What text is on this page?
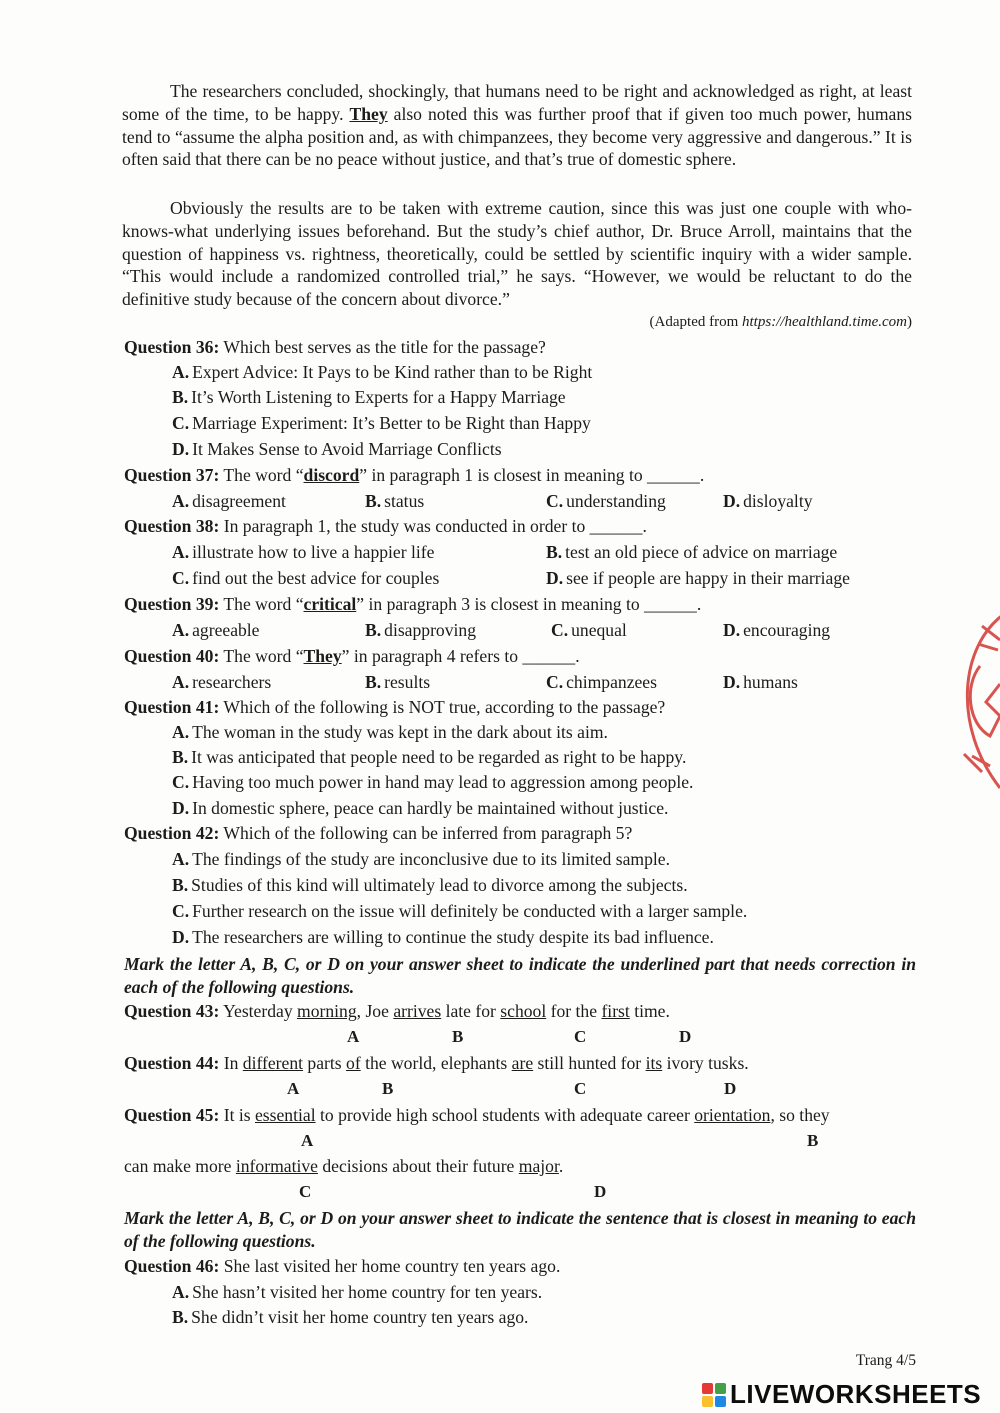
The researchers concluded, shockingly, that humans need to be right and acknowledged as right, at least some of the time, to be happy. They also noted this was further proof that if given too much power, humans tend to “assume the alpha position and, as with chimpanzees, they become very aggressive and dangerous.” It is often said that there can be no peace without justice, and that’s true of domestic sphere.

Obviously the results are to be taken with extreme caution, since this was just one couple with who-knows-what underlying issues beforehand. But the study’s chief author, Dr. Bruce Arroll, maintains that the question of happiness vs. rightness, theoretically, could be settled by scientific inquiry with a wider sample. “This would include a randomized controlled trial,” he says. “However, we would be reluctant to do the definitive study because of the concern about divorce.”

(Adapted from https://healthland.time.com)
Question 36: Which best serves as the title for the passage?
A. Expert Advice: It Pays to be Kind rather than to be Right
B. It’s Worth Listening to Experts for a Happy Marriage
C. Marriage Experiment: It’s Better to be Right than Happy
D. It Makes Sense to Avoid Marriage Conflicts
Question 37: The word “discord” in paragraph 1 is closest in meaning to ______.
A. disagreement	B. status	C. understanding	D. disloyalty
Question 38: In paragraph 1, the study was conducted in order to ______.
A. illustrate how to live a happier life	B. test an old piece of advice on marriage
C. find out the best advice for couples	D. see if people are happy in their marriage
Question 39: The word “critical” in paragraph 3 is closest in meaning to ______.
A. agreeable	B. disapproving	C. unequal	D. encouraging
Question 40: The word “They” in paragraph 4 refers to ______.
A. researchers	B. results	C. chimpanzees	D. humans
Question 41: Which of the following is NOT true, according to the passage?
A. The woman in the study was kept in the dark about its aim.
B. It was anticipated that people need to be regarded as right to be happy.
C. Having too much power in hand may lead to aggression among people.
D. In domestic sphere, peace can hardly be maintained without justice.
Question 42: Which of the following can be inferred from paragraph 5?
A. The findings of the study are inconclusive due to its limited sample.
B. Studies of this kind will ultimately lead to divorce among the subjects.
C. Further research on the issue will definitely be conducted with a larger sample.
D. The researchers are willing to continue the study despite its bad influence.
Mark the letter A, B, C, or D on your answer sheet to indicate the underlined part that needs correction in each of the following questions.
Question 43: Yesterday morning, Joe arrives late for school for the first time.
A	B	C	D
Question 44: In different parts of the world, elephants are still hunted for its ivory tusks.
A	B	C	D
Question 45: It is essential to provide high school students with adequate career orientation, so they
A	B
can make more informative decisions about their future major.
C	D
Mark the letter A, B, C, or D on your answer sheet to indicate the sentence that is closest in meaning to each of the following questions.
Question 46: She last visited her home country ten years ago.
A. She hasn’t visited her home country for ten years.
B. She didn’t visit her home country ten years ago.
Trang 4/5
LIVEWORKSHEETS
